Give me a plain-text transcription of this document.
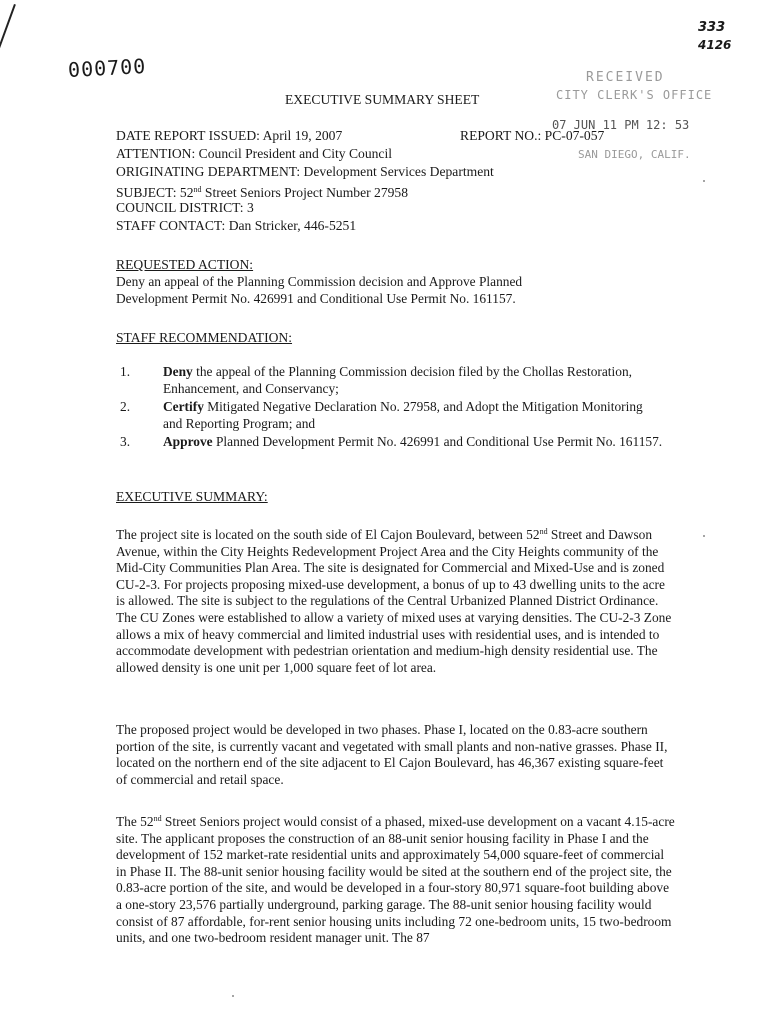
333
4126
000700	RECEIVED
CITY CLERK'S OFFICE
07 JUN 11 PM 12: 53
SAN DIEGO, CALIF.
EXECUTIVE SUMMARY SHEET
DATE REPORT ISSUED: April 19, 2007	REPORT NO.: PC-07-057
ATTENTION: Council President and City Council
ORIGINATING DEPARTMENT: Development Services Department
SUBJECT: 52nd Street Seniors Project Number 27958
COUNCIL DISTRICT: 3
STAFF CONTACT: Dan Stricker, 446-5251
REQUESTED ACTION:
Deny an appeal of the Planning Commission decision and Approve Planned
Development Permit No. 426991 and Conditional Use Permit No. 161157.
STAFF RECOMMENDATION:
1. Deny the appeal of the Planning Commission decision filed by the Chollas Restoration, Enhancement, and Conservancy;
2. Certify Mitigated Negative Declaration No. 27958, and Adopt the Mitigation Monitoring and Reporting Program; and
3. Approve Planned Development Permit No. 426991 and Conditional Use Permit No. 161157.
EXECUTIVE SUMMARY:

The project site is located on the south side of El Cajon Boulevard, between 52nd Street and Dawson Avenue, within the City Heights Redevelopment Project Area and the City Heights community of the Mid-City Communities Plan Area. The site is designated for Commercial and Mixed-Use and is zoned CU-2-3. For projects proposing mixed-use development, a bonus of up to 43 dwelling units to the acre is allowed. The site is subject to the regulations of the Central Urbanized Planned District Ordinance. The CU Zones were established to allow a variety of mixed uses at varying densities. The CU-2-3 Zone allows a mix of heavy commercial and limited industrial uses with residential uses, and is intended to accommodate development with pedestrian orientation and medium-high density residential use. The allowed density is one unit per 1,000 square feet of lot area.

The proposed project would be developed in two phases. Phase I, located on the 0.83-acre southern portion of the site, is currently vacant and vegetated with small plants and non-native grasses. Phase II, located on the northern end of the site adjacent to El Cajon Boulevard, has 46,367 existing square-feet of commercial and retail space.

The 52nd Street Seniors project would consist of a phased, mixed-use development on a vacant 4.15-acre site. The applicant proposes the construction of an 88-unit senior housing facility in Phase I and the development of 152 market-rate residential units and approximately 54,000 square-feet of commercial in Phase II. The 88-unit senior housing facility would be sited at the southern end of the project site, the 0.83-acre portion of the site, and would be developed in a four-story 80,971 square-foot building above a one-story 23,576 partially underground, parking garage. The 88-unit senior housing facility would consist of 87 affordable, for-rent senior housing units including 72 one-bedroom units, 15 two-bedroom units, and one two-bedroom resident manager unit. The 87
